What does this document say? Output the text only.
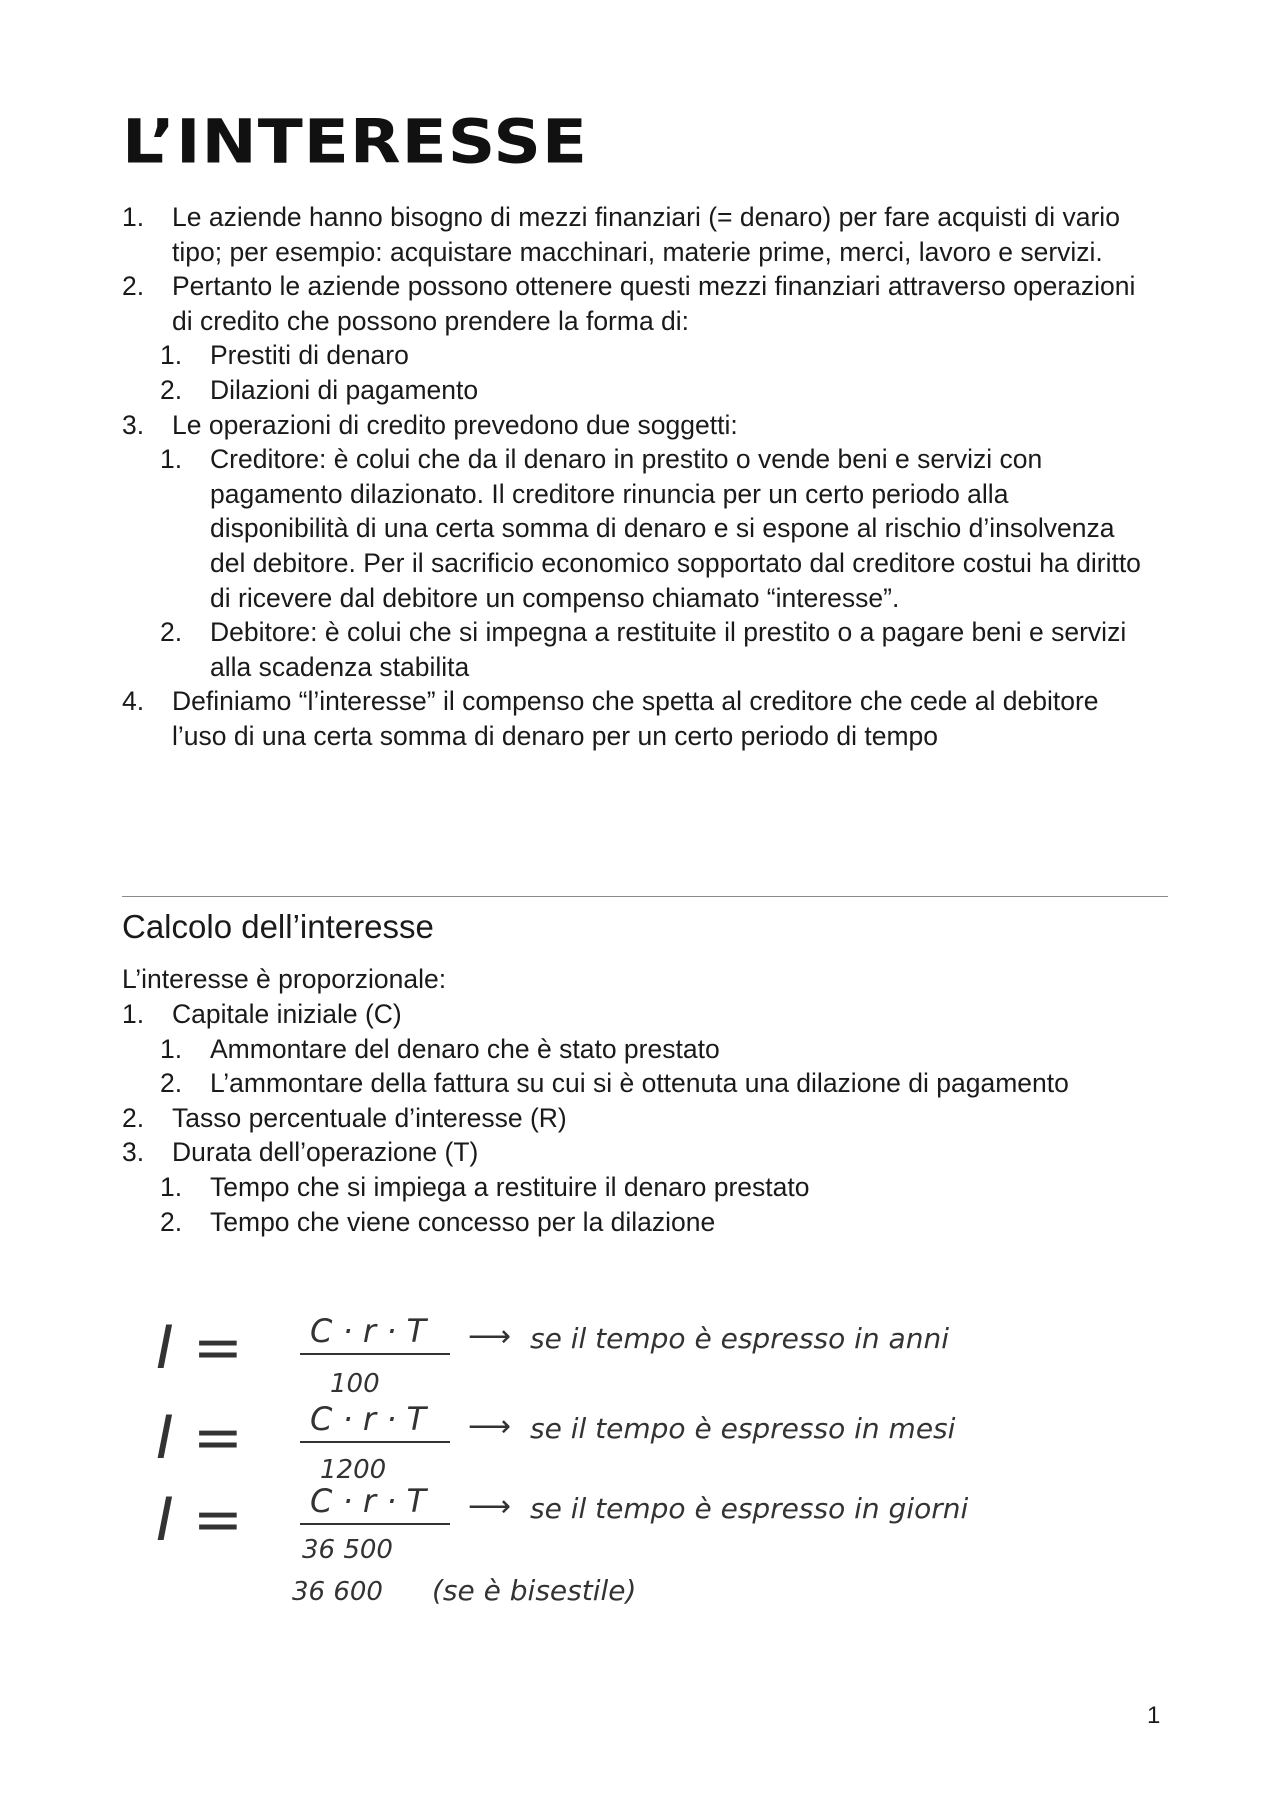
L’INTERESSE
1. Le aziende hanno bisogno di mezzi finanziari (= denaro) per fare acquisti di vario tipo; per esempio: acquistare macchinari, materie prime, merci, lavoro e servizi.
2. Pertanto le aziende possono ottenere questi mezzi finanziari attraverso operazioni di credito che possono prendere la forma di:
1. Prestiti di denaro
2. Dilazioni di pagamento
3. Le operazioni di credito prevedono due soggetti:
1. Creditore: è colui che da il denaro in prestito o vende beni e servizi con pagamento dilazionato. Il creditore rinuncia per un certo periodo alla disponibilità di una certa somma di denaro e si espone al rischio d’insolvenza del debitore. Per il sacrificio economico sopportato dal creditore costui ha diritto di ricevere dal debitore un compenso chiamato “interesse”.
2. Debitore: è colui che si impegna a restituite il prestito o a pagare beni e servizi alla scadenza stabilita
4. Definiamo “l’interesse” il compenso che spetta al creditore che cede al debitore l’uso di una certa somma di denaro per un certo periodo di tempo
Calcolo dell’interesse

L’interesse è proporzionale:

1. Capitale iniziale (C)
1. Ammontare del denaro che è stato prestato
2. L’ammontare della fattura su cui si è ottenuta una dilazione di pagamento
2. Tasso percentuale d’interesse (R)
3. Durata dell’operazione (T)
1. Tempo che si impiega a restituire il denaro prestato
2. Tempo che viene concesso per la dilazione
I = C · r · T
100
⟶ se il tempo è espresso in anni
I = C · r · T
1200
⟶ se il tempo è espresso in mesi
I = C · r · T
36 500
⟶ se il tempo è espresso in giorni
36 600 (se è bisestile)
1
